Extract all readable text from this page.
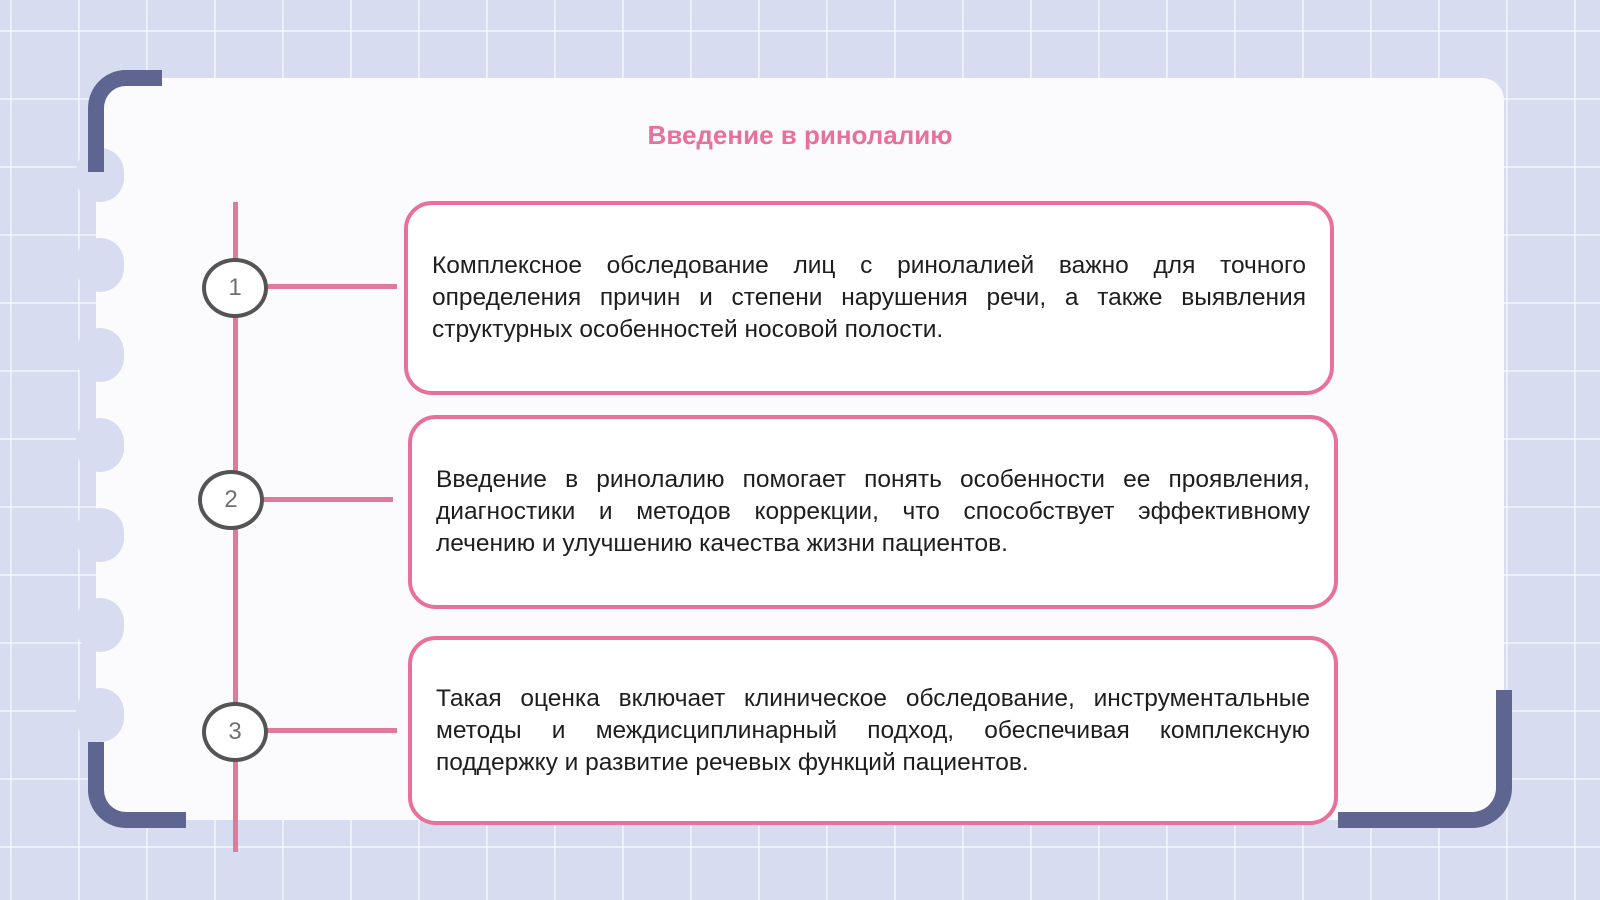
Введение в ринолалию
1
2
3

Комплексное обследование лиц с ринолалией важно для точного определения причин и степени нарушения речи, а также выявления структурных особенностей носовой полости.

Введение в ринолалию помогает понять особенности ее проявления, диагностики и методов коррекции, что способствует эффективному лечению и улучшению качества жизни пациентов.

Такая оценка включает клиническое обследование, инструментальные методы и междисциплинарный подход, обеспечивая комплексную поддержку и развитие речевых функций пациентов.
